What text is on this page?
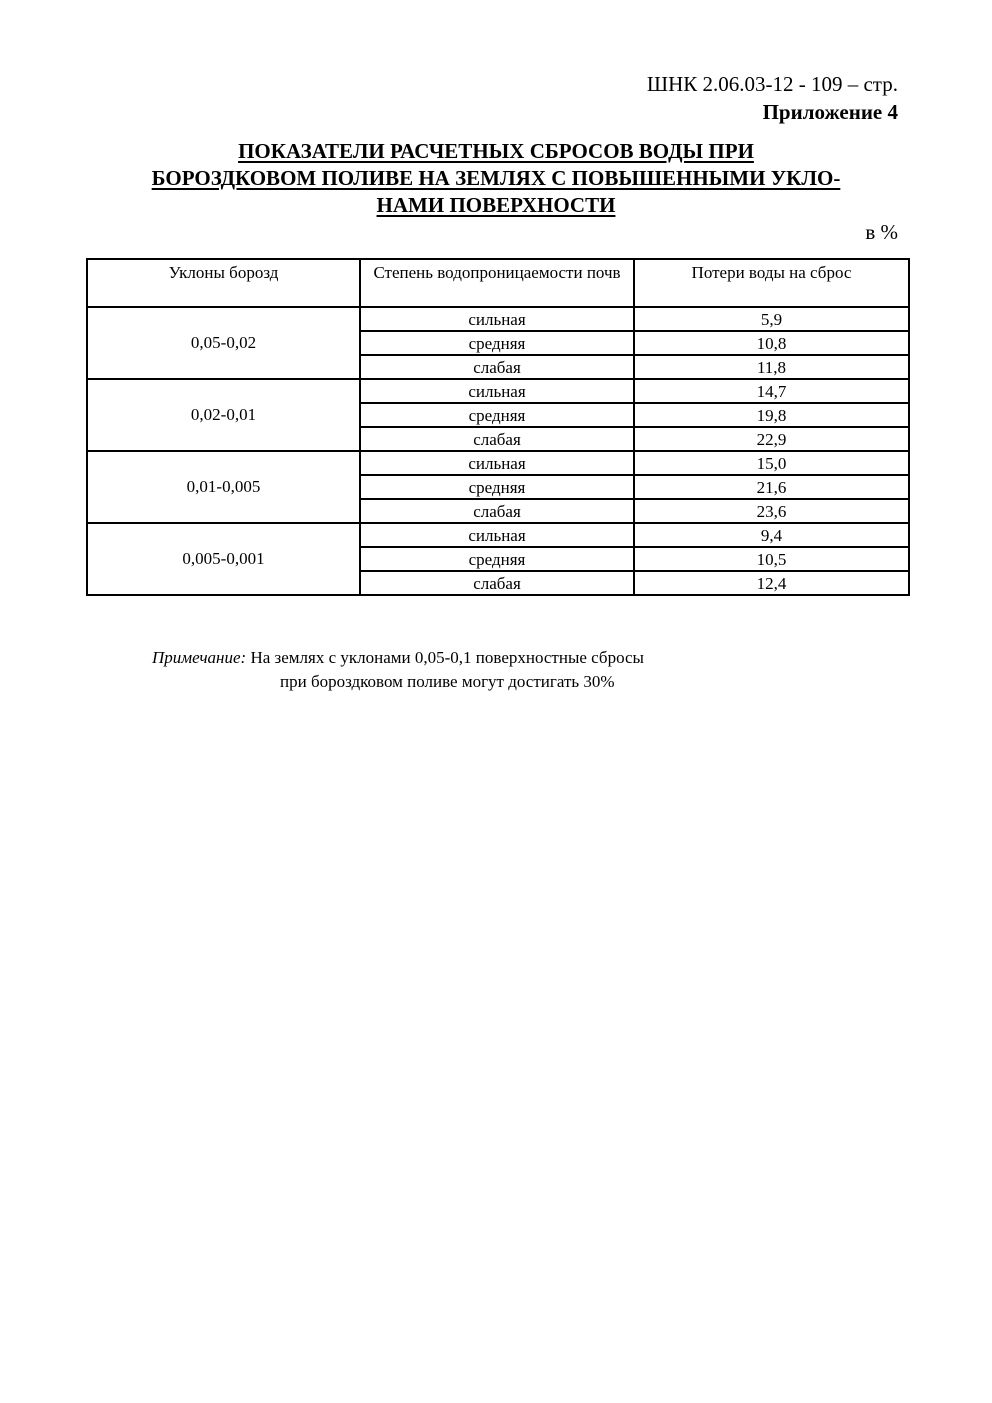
ШНК 2.06.03-12 - 109 – стр.
Приложение 4
ПОКАЗАТЕЛИ РАСЧЕТНЫХ СБРОСОВ ВОДЫ ПРИ
БОРОЗДКОВОМ ПОЛИВЕ НА ЗЕМЛЯХ С ПОВЫШЕННЫМИ УКЛО-
НАМИ ПОВЕРХНОСТИ
в %
Уклоны борозд	Степень водопроницаемости почв	Потери воды на сброс
0,05-0,02	сильная	5,9
	средняя	10,8
	слабая	11,8
0,02-0,01	сильная	14,7
	средняя	19,8
	слабая	22,9
0,01-0,005	сильная	15,0
	средняя	21,6
	слабая	23,6
0,005-0,001	сильная	9,4
	средняя	10,5
	слабая	12,4
Примечание: На землях с уклонами 0,05-0,1 поверхностные сбросы
при бороздковом поливе могут достигать 30%
